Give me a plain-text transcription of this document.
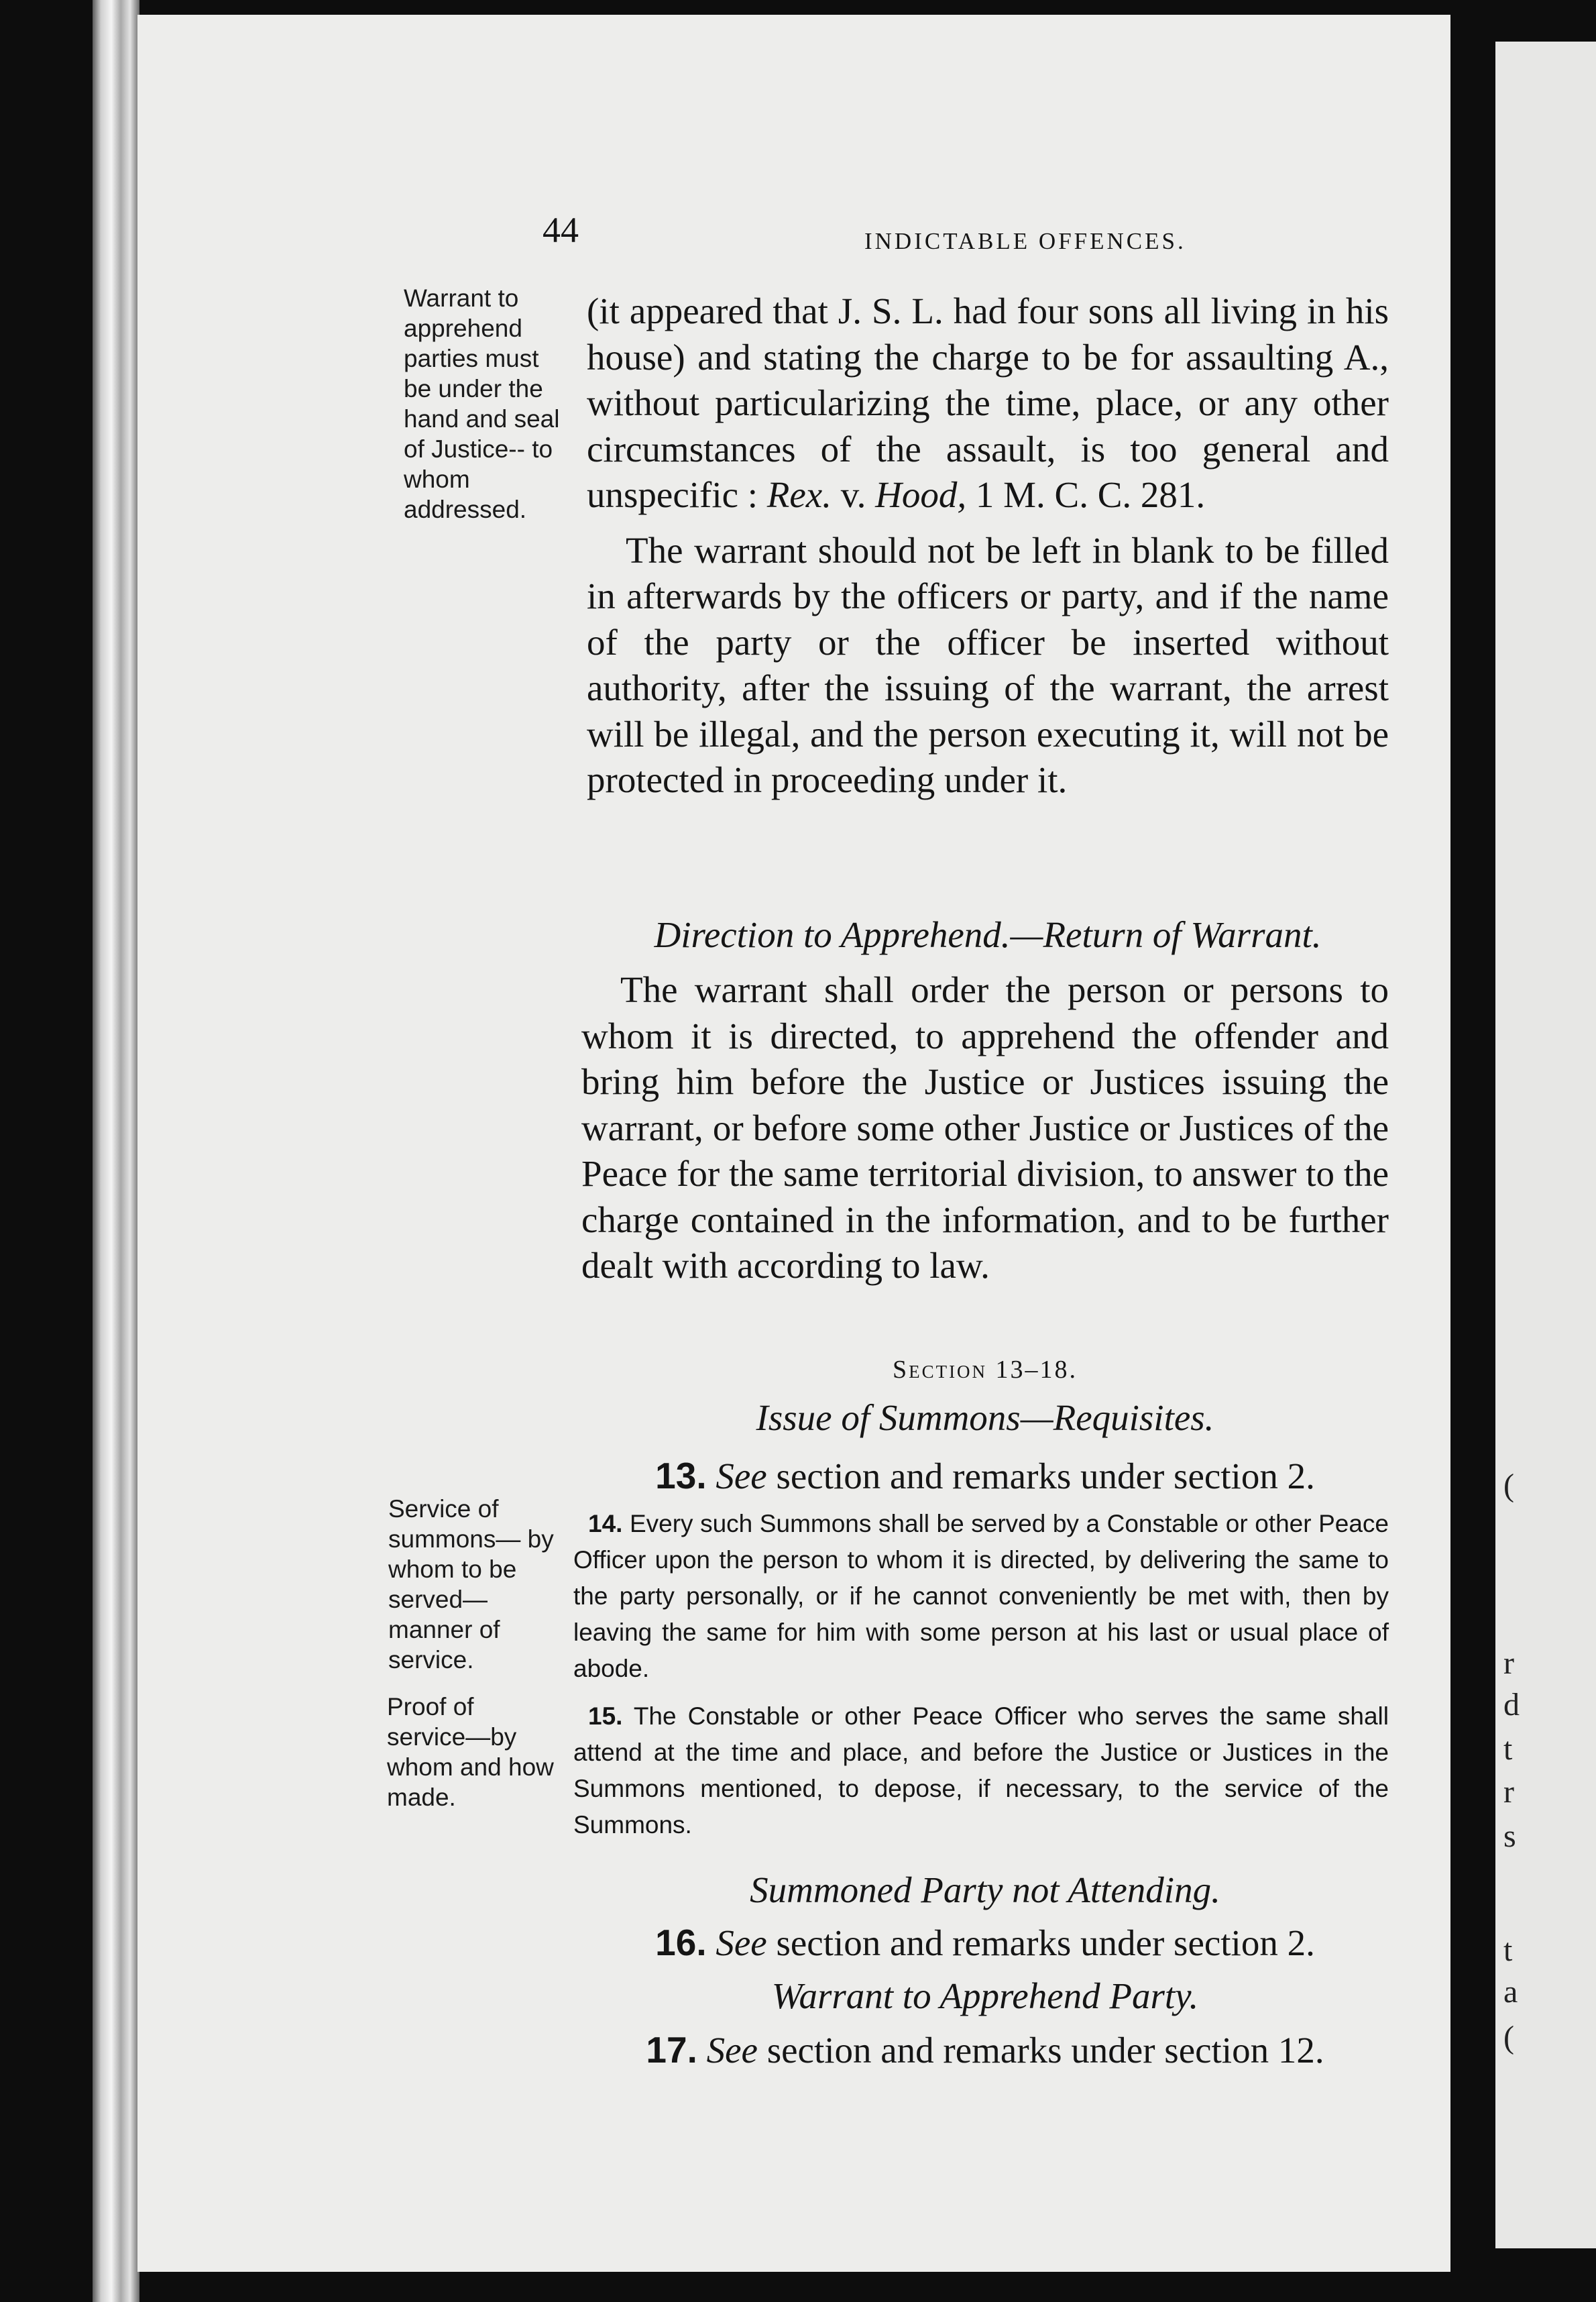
44	INDICTABLE OFFENCES.
Warrant to apprehend parties must be under the hand and seal of Justice-- to whom addressed.
Service of summons— by whom to be served— manner of service.
Proof of service—by whom and how made.

(it appeared that J. S. L. had four sons all living in his house) and stating the charge to be for assaulting A., without particularizing the time, place, or any other circumstances of the assault, is too general and unspecific : Rex. v. Hood, 1 M. C. C. 281.

The warrant should not be left in blank to be filled in afterwards by the officers or party, and if the name of the party or the officer be inserted without authority, after the issuing of the warrant, the arrest will be illegal, and the person executing it, will not be protected in proceeding under it.

Direction to Apprehend.—Return of Warrant.
The warrant shall order the person or persons to whom it is directed, to apprehend the offender and bring him before the Justice or Justices issuing the warrant, or before some other Justice or Justices of the Peace for the same territorial division, to answer to the charge contained in the information, and to be further dealt with according to law.
Section 13–18.
Issue of Summons—Requisites.
13. See section and remarks under section 2.
14. Every such Summons shall be served by a Constable or other Peace Officer upon the person to whom it is directed, by delivering the same to the party personally, or if he cannot conveniently be met with, then by leaving the same for him with some person at his last or usual place of abode.
15. The Constable or other Peace Officer who serves the same shall attend at the time and place, and before the Justice or Justices in the Summons mentioned, to depose, if necessary, to the service of the Summons.
Summoned Party not Attending.
16. See section and remarks under section 2.
Warrant to Apprehend Party.
17. See section and remarks under section 12.
(
r
d
t
r
s
t
a
(
